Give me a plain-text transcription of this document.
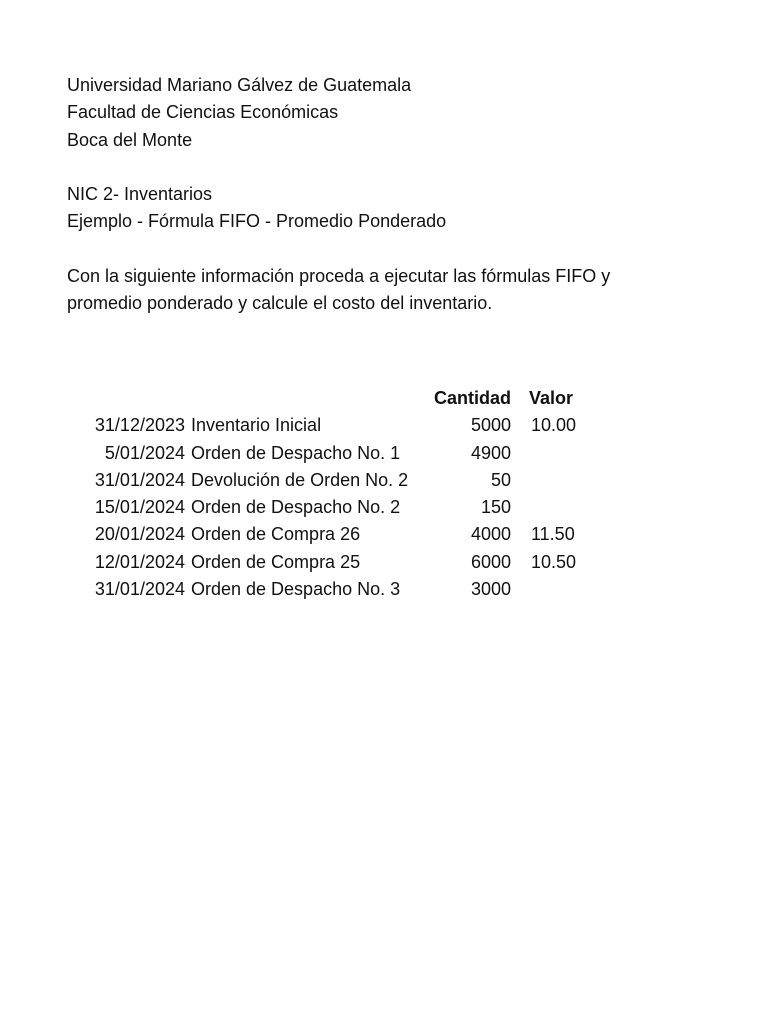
Universidad Mariano Gálvez de Guatemala
Facultad de Ciencias Económicas
Boca del Monte
NIC 2- Inventarios
Ejemplo - Fórmula FIFO - Promedio Ponderado
Con la siguiente información proceda a ejecutar las fórmulas FIFO y promedio ponderado y calcule el costo del inventario.
Cantidad Valor
31/12/2023 Inventario Inicial	5000 10.00
5/01/2024 Orden de Despacho No. 1	4900
31/01/2024 Devolución de Orden No. 2	50
15/01/2024 Orden de Despacho No. 2	150
20/01/2024 Orden de Compra 26	4000 11.50
12/01/2024 Orden de Compra 25	6000 10.50
31/01/2024 Orden de Despacho No. 3	3000
